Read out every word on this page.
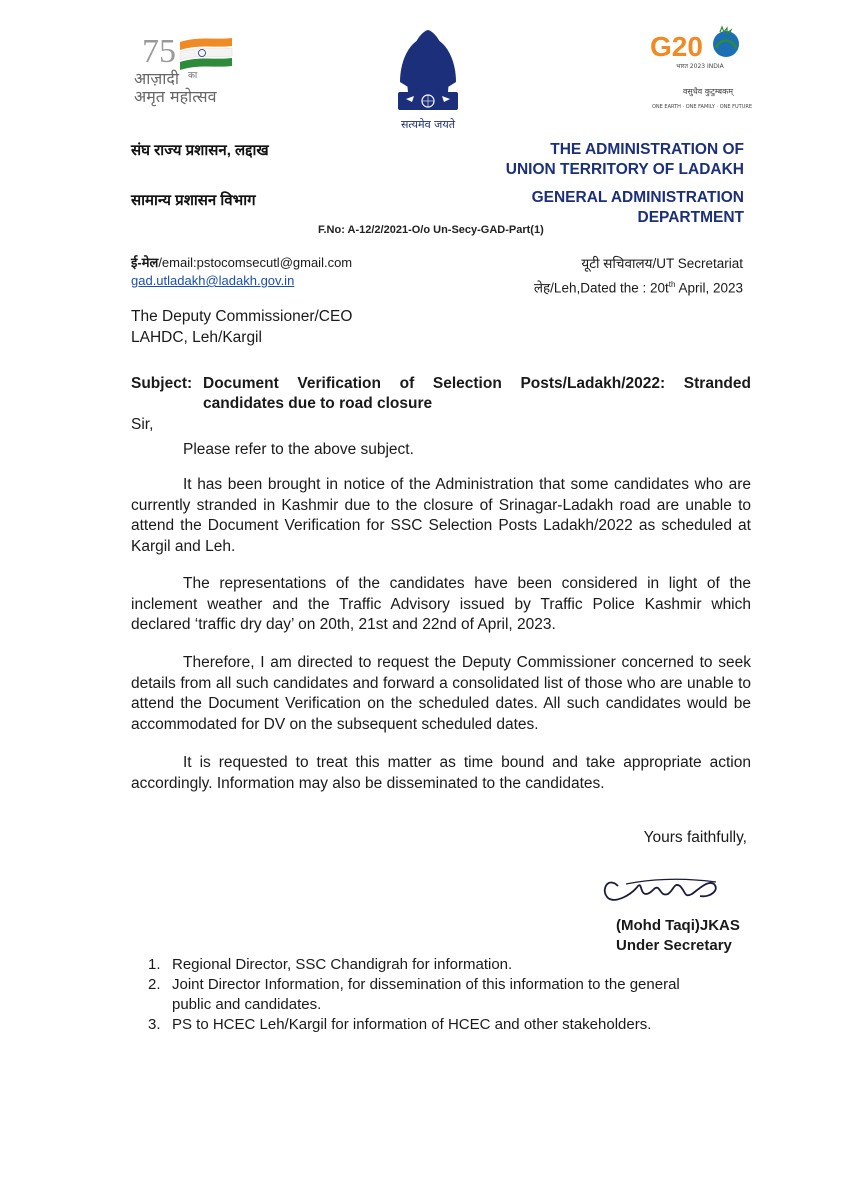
75
आज़ादी का
अमृत महोत्सव
सत्यमेव जयते
G20
भारत 2023 INDIA
वसुधैव कुटुम्बकम्
ONE EARTH · ONE FAMILY · ONE FUTURE
संघ राज्य प्रशासन, लद्दाख
सामान्य प्रशासन विभाग
THE ADMINISTRATION OF
UNION TERRITORY OF LADAKH
GENERAL ADMINISTRATION
DEPARTMENT
F.No: A-12/2/2021-O/o Un-Secy-GAD-Part(1)
ई-मेल/email:pstocomsecutl@gmail.com
gad.utladakh@ladakh.gov.in
यूटी सचिवालय/UT Secretariat
लेह/Leh,Dated the : $20t^{th}$ April, 2023
The Deputy Commissioner/CEO
LAHDC, Leh/Kargil
Subject: Document Verification of Selection Posts/Ladakh/2022: Stranded candidates due to road closure
Sir,

Please refer to the above subject.

It has been brought in notice of the Administration that some candidates who are currently stranded in Kashmir due to the closure of Srinagar-Ladakh road are unable to attend the Document Verification for SSC Selection Posts Ladakh/2022 as scheduled at Kargil and Leh.

The representations of the candidates have been considered in light of the inclement weather and the Traffic Advisory issued by Traffic Police Kashmir which declared ‘traffic dry day’ on 20th, 21st and 22nd of April, 2023.

Therefore, I am directed to request the Deputy Commissioner concerned to seek details from all such candidates and forward a consolidated list of those who are unable to attend the Document Verification on the scheduled dates. All such candidates would be accommodated for DV on the subsequent scheduled dates.

It is requested to treat this matter as time bound and take appropriate action accordingly. Information may also be disseminated to the candidates.

Yours faithfully,
(Mohd Taqi)JKAS
Under Secretary
1. Regional Director, SSC Chandigrah for information.
2. Joint Director Information, for dissemination of this information to the general public and candidates.
3. PS to HCEC Leh/Kargil for information of HCEC and other stakeholders.
